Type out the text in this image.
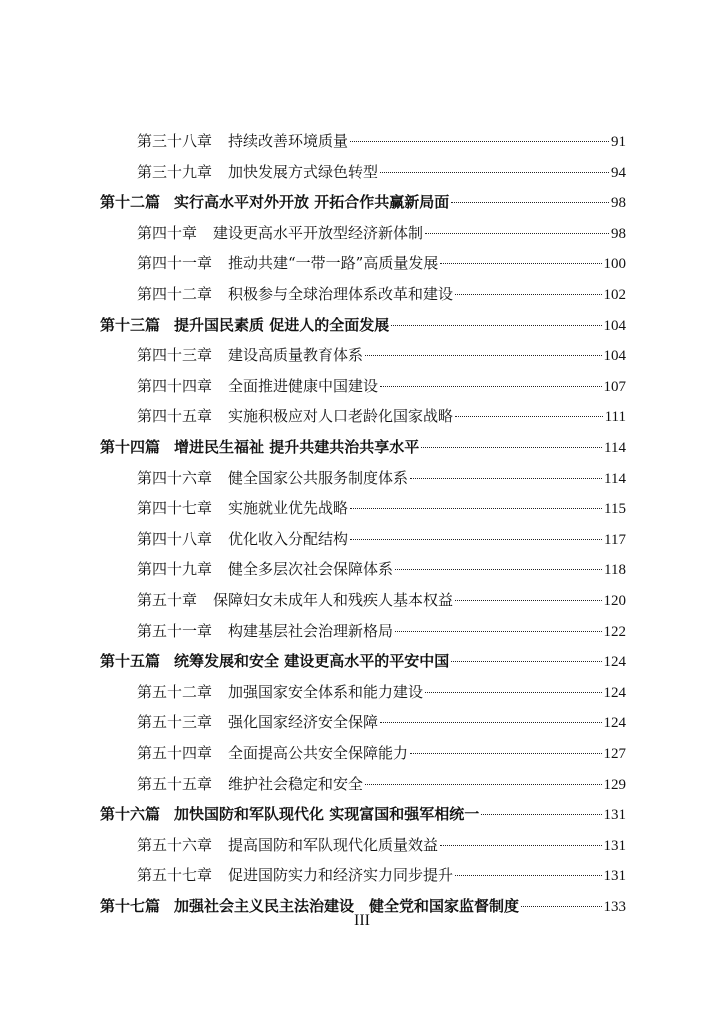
第三十八章	持续改善环境质量	91
第三十九章	加快发展方式绿色转型	94
第十二篇 实行高水平对外开放 开拓合作共赢新局面	98
第四十章	建设更高水平开放型经济新体制	98
第四十一章	推动共建“一带一路”高质量发展	100
第四十二章	积极参与全球治理体系改革和建设	102
第十三篇 提升国民素质 促进人的全面发展	104
第四十三章	建设高质量教育体系	104
第四十四章	全面推进健康中国建设	107
第四十五章	实施积极应对人口老龄化国家战略	111
第十四篇 增进民生福祉 提升共建共治共享水平	114
第四十六章	健全国家公共服务制度体系	114
第四十七章	实施就业优先战略	115
第四十八章	优化收入分配结构	117
第四十九章	健全多层次社会保障体系	118
第五十章	保障妇女未成年人和残疾人基本权益	120
第五十一章	构建基层社会治理新格局	122
第十五篇 统筹发展和安全 建设更高水平的平安中国	124
第五十二章	加强国家安全体系和能力建设	124
第五十三章	强化国家经济安全保障	124
第五十四章	全面提高公共安全保障能力	127
第五十五章	维护社会稳定和安全	129
第十六篇 加快国防和军队现代化 实现富国和强军相统一	131
第五十六章	提高国防和军队现代化质量效益	131
第五十七章	促进国防实力和经济实力同步提升	131
第十七篇 加强社会主义民主法治建设　健全党和国家监督制度	133
III
